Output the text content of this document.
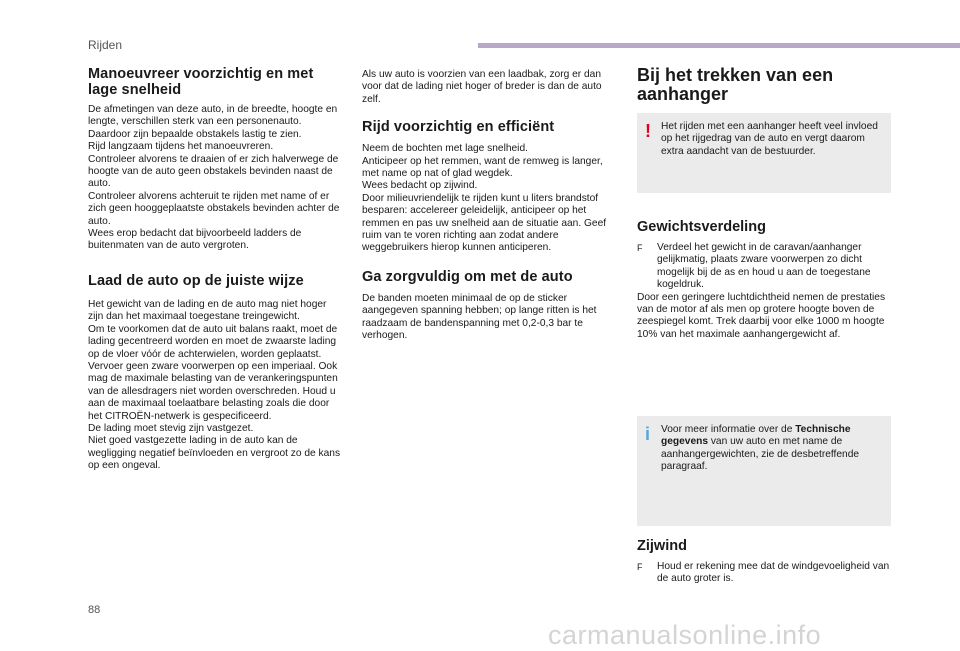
Rijden
Manoeuvreer voorzichtig en met lage snelheid

De afmetingen van deze auto, in de breedte, hoogte en lengte, verschillen sterk van een personenauto. Daardoor zijn bepaalde obstakels lastig te zien.
Rijd langzaam tijdens het manoeuvreren.
Controleer alvorens te draaien of er zich halverwege de hoogte van de auto geen obstakels bevinden naast de auto.
Controleer alvorens achteruit te rijden met name of er zich geen hooggeplaatste obstakels bevinden achter de auto.
Wees erop bedacht dat bijvoorbeeld ladders de buitenmaten van de auto vergroten.

Laad de auto op de juiste wijze

Het gewicht van de lading en de auto mag niet hoger zijn dan het maximaal toegestane treingewicht.
Om te voorkomen dat de auto uit balans raakt, moet de lading gecentreerd worden en moet de zwaarste lading op de vloer vóór de achterwielen, worden geplaatst.
Vervoer geen zware voorwerpen op een imperiaal. Ook mag de maximale belasting van de verankeringspunten van de allesdragers niet worden overschreden. Houd u aan de maximaal toelaatbare belasting zoals die door het CITROËN-netwerk is gespecificeerd.
De lading moet stevig zijn vastgezet.
Niet goed vastgezette lading in de auto kan de wegligging negatief beïnvloeden en vergroot zo de kans op een ongeval.

Als uw auto is voorzien van een laadbak, zorg er dan voor dat de lading niet hoger of breder is dan de auto zelf.

Rijd voorzichtig en efficiënt

Neem de bochten met lage snelheid.
Anticipeer op het remmen, want de remweg is langer, met name op nat of glad wegdek.
Wees bedacht op zijwind.
Door milieuvriendelijk te rijden kunt u liters brandstof besparen: accelereer geleidelijk, anticipeer op het remmen en pas uw snelheid aan de situatie aan. Geef ruim van te voren richting aan zodat andere weggebruikers hierop kunnen anticiperen.

Ga zorgvuldig om met de auto

De banden moeten minimaal de op de sticker aangegeven spanning hebben; op lange ritten is het raadzaam de bandenspanning met 0,2-0,3 bar te verhogen.

Bij het trekken van een aanhanger
! Het rijden met een aanhanger heeft veel invloed op het rijgedrag van de auto en vergt daarom extra aandacht van de bestuurder.

Gewichtsverdeling
F Verdeel het gewicht in de caravan/aanhanger gelijkmatig, plaats zware voorwerpen zo dicht mogelijk bij de as en houd u aan de toegestane kogeldruk.

Door een geringere luchtdichtheid nemen de prestaties van de motor af als men op grotere hoogte boven de zeespiegel komt. Trek daarbij voor elke 1000 m hoogte 10% van het maximale aanhangergewicht af.

i Voor meer informatie over de Technische gegevens van uw auto en met name de aanhangergewichten, zie de desbetreffende paragraaf.

Zijwind
F Houd er rekening mee dat de windgevoeligheid van de auto groter is.

88
carmanualsonline.info
